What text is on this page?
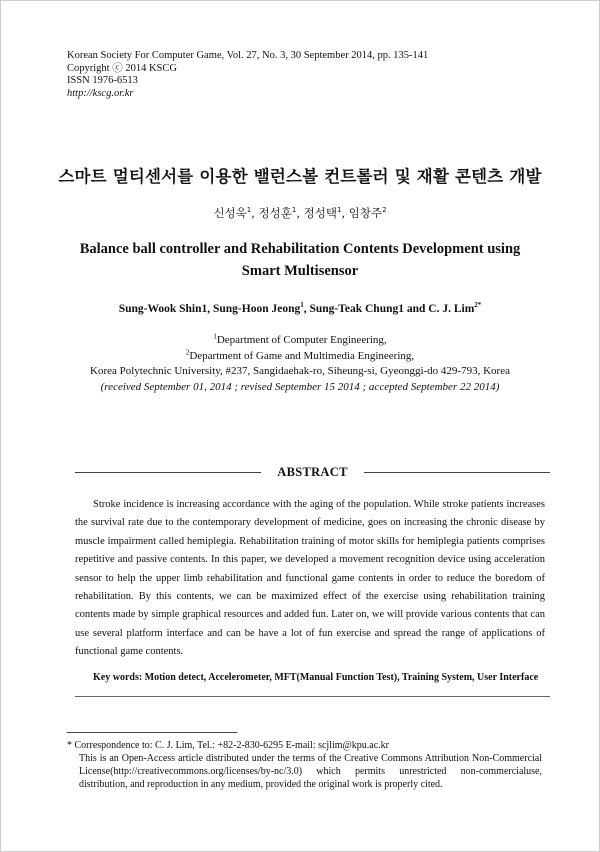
Korean Society For Computer Game, Vol. 27, No. 3, 30 September 2014, pp. 135-141
Copyright ⓒ 2014 KSCG
ISSN 1976-6513
http://kscg.or.kr
스마트 멀티센서를 이용한 밸런스볼 컨트롤러 및 재활 콘텐츠 개발
신성욱$^1$, 정성훈$^1$, 정성택$^1$, 임창주$^2$
Balance ball controller and Rehabilitation Contents Development using Smart Multisensor
Sung-Wook Shin1, Sung-Hoon Jeong$^1$, Sung-Teak Chung1 and C. J. Lim$^{2*}$
$^1$Department of Computer Engineering,
$^2$Department of Game and Multimedia Engineering,
Korea Polytechnic University, #237, Sangidaehak-ro, Siheung-si, Gyeonggi-do 429-793, Korea
(received September 01, 2014 ; revised September 15 2014 ; accepted September 22 2014)
ABSTRACT
Stroke incidence is increasing accordance with the aging of the population. While stroke patients increases the survival rate due to the contemporary development of medicine, goes on increasing the chronic disease by muscle impairment called hemiplegia. Rehabilitation training of motor skills for hemiplegia patients comprises repetitive and passive contents. In this paper, we developed a movement recognition device using acceleration sensor to help the upper limb rehabilitation and functional game contents in order to reduce the boredom of rehabilitation. By this contents, we can be maximized effect of the exercise using rehabilitation training contents made by simple graphical resources and added fun. Later on, we will provide various contents that can use several platform interface and can be have a lot of fun exercise and spread the range of applications of functional game contents.
Key words: Motion detect, Accelerometer, MFT(Manual Function Test), Training System, User Interface
* Correspondence to: C. J. Lim, Tel.: +82-2-830-6295 E-mail: scjlim@kpu.ac.kr
This is an Open-Access article distributed under the terms of the Creative Commons Attribution Non-Commercial License(http://creativecommons.org/licenses/by-nc/3.0) which permits unrestricted non-commercialuse, distribution, and reproduction in any medium, provided the original work is properly cited.
